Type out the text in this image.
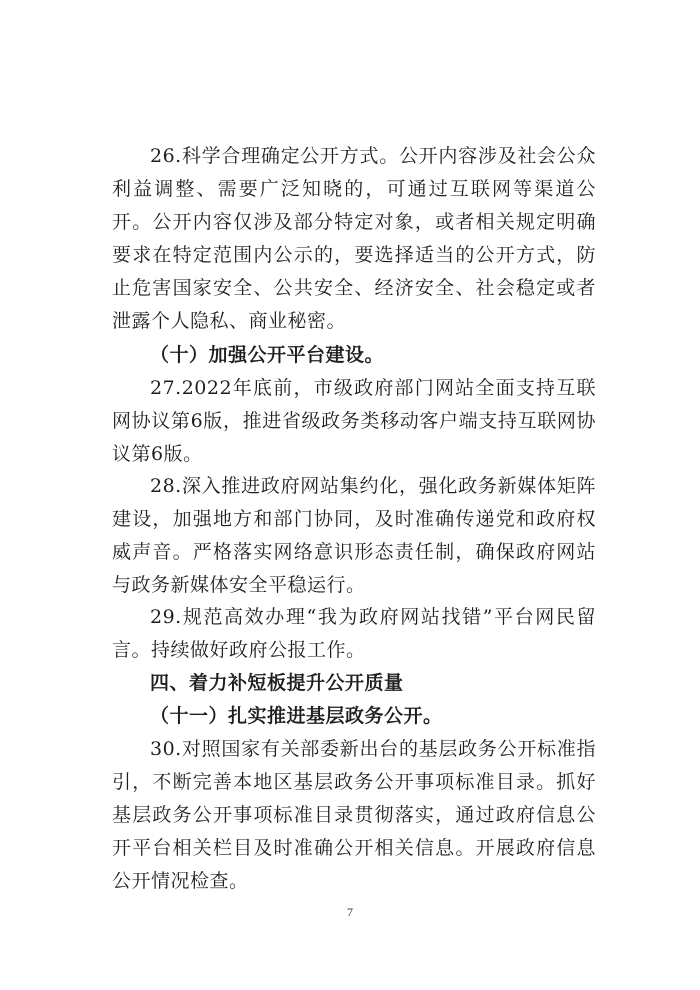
26.科学合理确定公开方式。公开内容涉及社会公众利益调整、需要广泛知晓的，可通过互联网等渠道公开。公开内容仅涉及部分特定对象，或者相关规定明确要求在特定范围内公示的，要选择适当的公开方式，防止危害国家安全、公共安全、经济安全、社会稳定或者泄露个人隐私、商业秘密。

（十）加强公开平台建设。

27.2022年底前，市级政府部门网站全面支持互联网协议第6版，推进省级政务类移动客户端支持互联网协议第6版。

28.深入推进政府网站集约化，强化政务新媒体矩阵建设，加强地方和部门协同，及时准确传递党和政府权威声音。严格落实网络意识形态责任制，确保政府网站与政务新媒体安全平稳运行。

29.规范高效办理“我为政府网站找错”平台网民留言。持续做好政府公报工作。

四、着力补短板提升公开质量

（十一）扎实推进基层政务公开。

30.对照国家有关部委新出台的基层政务公开标准指引，不断完善本地区基层政务公开事项标准目录。抓好基层政务公开事项标准目录贯彻落实，通过政府信息公开平台相关栏目及时准确公开相关信息。开展政府信息公开情况检查。

7
